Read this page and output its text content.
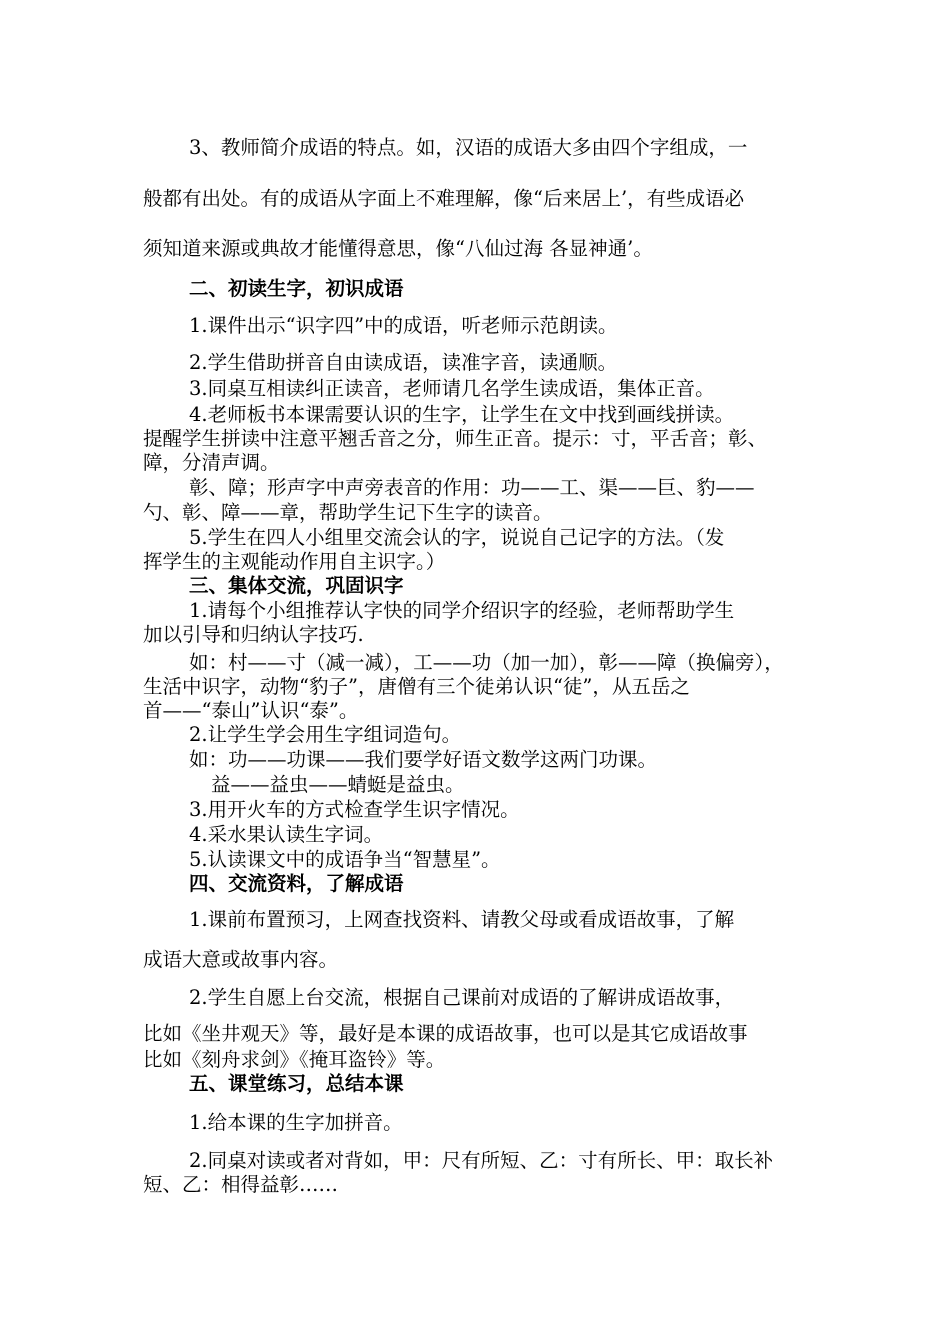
3、教师简介成语的特点。如，汉语的成语大多由四个字组成，一
般都有出处。有的成语从字面上不难理解，像“后来居上’，有些成语必
须知道来源或典故才能懂得意思，像“八仙过海 各显神通’。
二、初读生字，初识成语
1.课件出示“识字四”中的成语，听老师示范朗读。
2.学生借助拼音自由读成语，读准字音，读通顺。
3.同桌互相读纠正读音，老师请几名学生读成语，集体正音。
4.老师板书本课需要认识的生字，让学生在文中找到画线拼读。
提醒学生拼读中注意平翘舌音之分，师生正音。提示：寸，平舌音；彰、
障，分清声调。
彰、障；形声字中声旁表音的作用：功——工、渠——巨、豹——
勺、彰、障——章，帮助学生记下生字的读音。
5.学生在四人小组里交流会认的字，说说自己记字的方法。（发
挥学生的主观能动作用自主识字。）
三、集体交流，巩固识字
1.请每个小组推荐认字快的同学介绍识字的经验，老师帮助学生
加以引导和归纳认字技巧.
如：村——寸（减一减），工——功（加一加），彰——障（换偏旁），
生活中识字，动物“豹子”，唐僧有三个徒弟认识“徒”，从五岳之
首——“泰山”认识“泰”。
2.让学生学会用生字组词造句。
如：功——功课——我们要学好语文数学这两门功课。
益——益虫——蜻蜓是益虫。
3.用开火车的方式检查学生识字情况。
4.采水果认读生字词。
5.认读课文中的成语争当“智慧星”。
四、交流资料，了解成语
1.课前布置预习，上网查找资料、请教父母或看成语故事，了解
成语大意或故事内容。
2.学生自愿上台交流，根据自己课前对成语的了解讲成语故事，
比如《坐井观天》等，最好是本课的成语故事，也可以是其它成语故事
比如《刻舟求剑》《掩耳盗铃》等。
五、课堂练习，总结本课
1.给本课的生字加拼音。
2.同桌对读或者对背如，甲：尺有所短、乙：寸有所长、甲：取长补
短、乙：相得益彰……
